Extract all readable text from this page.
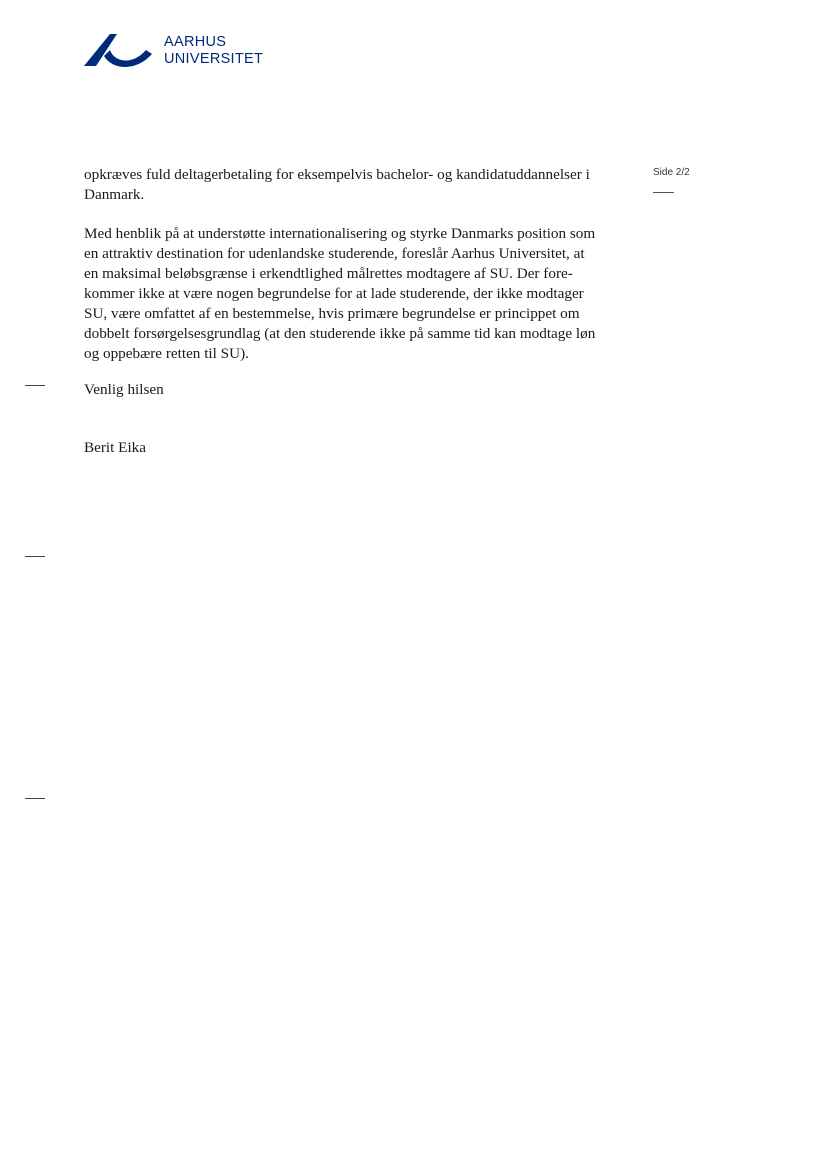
AARHUS
UNIVERSITET
Side 2/2
opkræves fuld deltagerbetaling for eksempelvis bachelor- og kandidatuddannelser i
Danmark.
Med henblik på at understøtte internationalisering og styrke Danmarks position som
en attraktiv destination for udenlandske studerende, foreslår Aarhus Universitet, at
en maksimal beløbsgrænse i erkendtlighed målrettes modtagere af SU. Der fore-
kommer ikke at være nogen begrundelse for at lade studerende, der ikke modtager
SU, være omfattet af en bestemmelse, hvis primære begrundelse er princippet om
dobbelt forsørgelsesgrundlag (at den studerende ikke på samme tid kan modtage løn
og oppebære retten til SU).
Venlig hilsen
Berit Eika
